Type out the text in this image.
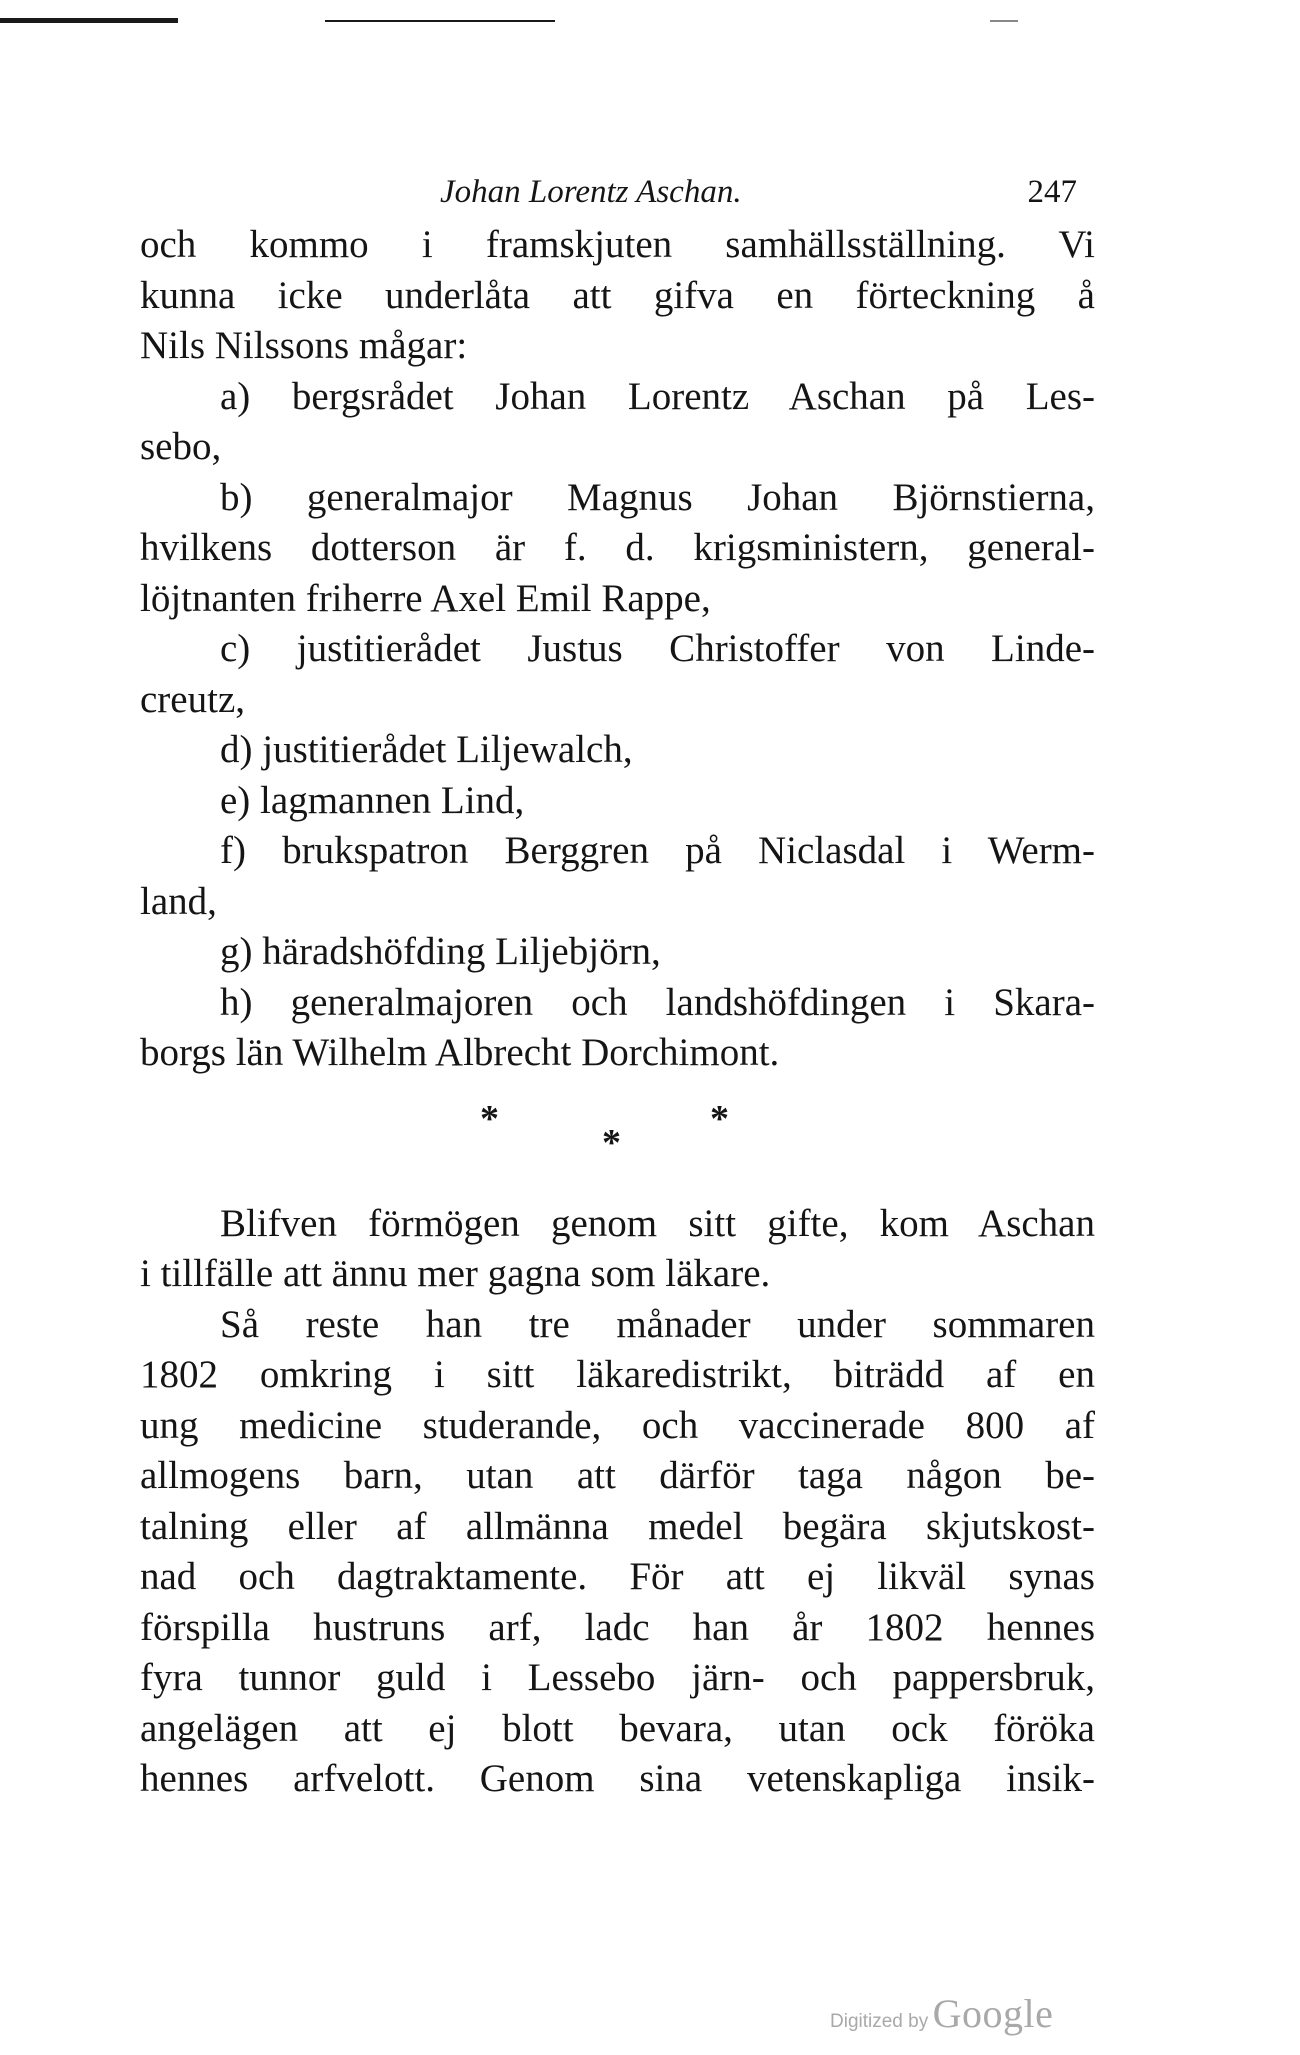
Johan Lorentz Aschan.	247
och kommo i framskjuten samhällsställning. Vi
kunna icke underlåta att gifva en förteckning å
Nils Nilssons mågar:
a) bergsrådet Johan Lorentz Aschan på Les-
sebo,
b) generalmajor Magnus Johan Björnstierna,
hvilkens dotterson är f. d. krigsministern, general-
löjtnanten friherre Axel Emil Rappe,
c) justitierådet Justus Christoffer von Linde-
creutz,
d) justitierådet Liljewalch,
e) lagmannen Lind,
f) brukspatron Berggren på Niclasdal i Werm-
land,
g) häradshöfding Liljebjörn,
h) generalmajoren och landshöfdingen i Skara-
borgs län Wilhelm Albrecht Dorchimont.
*
*
*
Blifven förmögen genom sitt gifte, kom Aschan
i tillfälle att ännu mer gagna som läkare.
Så reste han tre månader under sommaren
1802 omkring i sitt läkaredistrikt, biträdd af en
ung medicine studerande, och vaccinerade 800 af
allmogens barn, utan att därför taga någon be-
talning eller af allmänna medel begära skjutskost-
nad och dagtraktamente. För att ej likväl synas
förspilla hustruns arf, ladc han år 1802 hennes
fyra tunnor guld i Lessebo järn- och pappersbruk,
angelägen att ej blott bevara, utan ock föröka
hennes arfvelott. Genom sina vetenskapliga insik-
Digitized by Google
